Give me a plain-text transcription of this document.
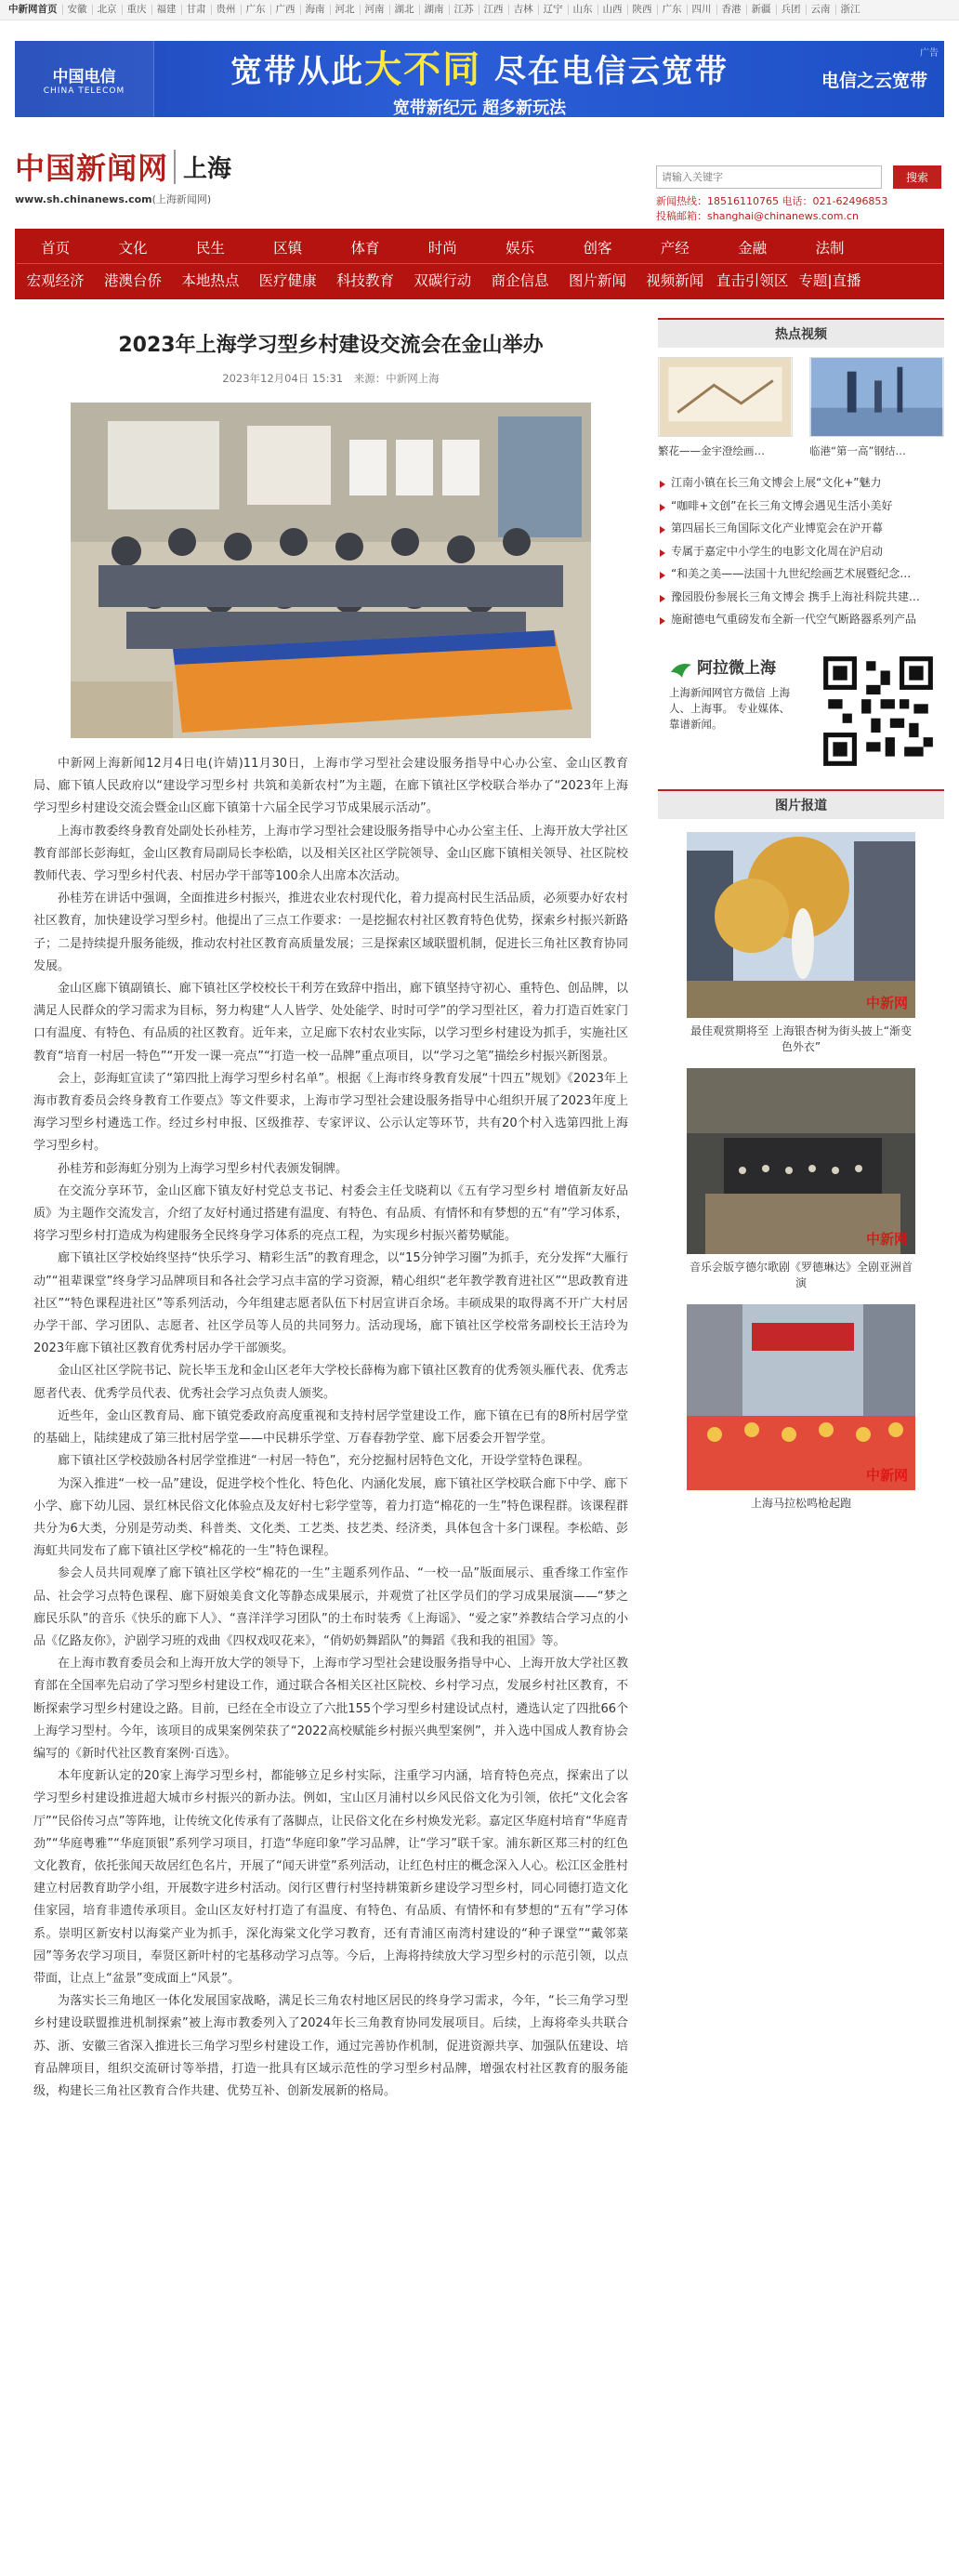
中新网首页	安徽	北京	重庆	福建	甘肃	贵州	广东	广西	海南	河北	河南	湖北	湖南	江苏	江西	吉林	辽宁	山东	山西	陕西	广东	四川	香港	新疆	兵团	云南	浙江
广告
中国电信
CHINA TELECOM
宽带从此大不同 尽在电信云宽带
宽带新纪元 超多新玩法
电信之云宽带
中国新闻网 上海
www.sh.chinanews.com(上海新闻网)
请输入关键字
搜索
新闻热线：18516110765 电话：021-62496853
投稿邮箱：shanghai@chinanews.com.cn
首页	文化	民生	区镇	体育	时尚	娱乐	创客	产经	金融	法制
宏观经济	港澳台侨	本地热点	医疗健康	科技教育	双碳行动	商企信息	图片新闻	视频新闻 直击引领区 专题|直播
2023年上海学习型乡村建设交流会在金山举办
2023年12月04日 15:31 来源：中新网上海

中新网上海新闻12月4日电(许婧)11月30日，上海市学习型社会建设服务指导中心办公室、金山区教育局、廊下镇人民政府以“建设学习型乡村 共筑和美新农村”为主题，在廊下镇社区学校联合举办了“2023年上海学习型乡村建设交流会暨金山区廊下镇第十六届全民学习节成果展示活动”。

上海市教委终身教育处副处长孙桂芳，上海市学习型社会建设服务指导中心办公室主任、上海开放大学社区教育部部长彭海虹，金山区教育局副局长李松皓，以及相关区社区学院领导、金山区廊下镇相关领导、社区院校教师代表、学习型乡村代表、村居办学干部等100余人出席本次活动。

孙桂芳在讲话中强调，全面推进乡村振兴，推进农业农村现代化，着力提高村民生活品质，必须要办好农村社区教育，加快建设学习型乡村。他提出了三点工作要求：一是挖掘农村社区教育特色优势，探索乡村振兴新路子；二是持续提升服务能级，推动农村社区教育高质量发展；三是探索区域联盟机制，促进长三角社区教育协同发展。

金山区廊下镇副镇长、廊下镇社区学校校长干利芳在致辞中指出，廊下镇坚持守初心、重特色、创品牌，以满足人民群众的学习需求为目标，努力构建“人人皆学、处处能学、时时可学”的学习型社区，着力打造百姓家门口有温度、有特色、有品质的社区教育。近年来，立足廊下农村农业实际，以学习型乡村建设为抓手，实施社区教育“培育一村居一特色”“开发一课一亮点”“打造一校一品牌”重点项目，以“学习之笔”描绘乡村振兴新图景。

会上，彭海虹宣读了“第四批上海学习型乡村名单”。根据《上海市终身教育发展“十四五”规划》《2023年上海市教育委员会终身教育工作要点》等文件要求，上海市学习型社会建设服务指导中心组织开展了2023年度上海学习型乡村遴选工作。经过乡村申报、区级推荐、专家评议、公示认定等环节，共有20个村入选第四批上海学习型乡村。

孙桂芳和彭海虹分别为上海学习型乡村代表颁发铜牌。

在交流分享环节，金山区廊下镇友好村党总支书记、村委会主任戈晓莉以《五有学习型乡村 增值新友好品质》为主题作交流发言，介绍了友好村通过搭建有温度、有特色、有品质、有情怀和有梦想的五“有”学习体系，将学习型乡村打造成为构建服务全民终身学习体系的亮点工程，为实现乡村振兴蓄势赋能。

廊下镇社区学校始终坚持“快乐学习、精彩生活”的教育理念，以“15分钟学习圈”为抓手，充分发挥“大雁行动”“祖辈课堂”终身学习品牌项目和各社会学习点丰富的学习资源，精心组织“老年教学教育进社区”“思政教育进社区”“特色课程进社区”等系列活动，今年组建志愿者队伍下村居宣讲百余场。丰硕成果的取得离不开广大村居办学干部、学习团队、志愿者、社区学员等人员的共同努力。活动现场，廊下镇社区学校常务副校长王洁玲为2023年廊下镇社区教育优秀村居办学干部颁奖。

金山区社区学院书记、院长毕玉龙和金山区老年大学校长薛梅为廊下镇社区教育的优秀领头雁代表、优秀志愿者代表、优秀学员代表、优秀社会学习点负责人颁奖。

近些年，金山区教育局、廊下镇党委政府高度重视和支持村居学堂建设工作，廊下镇在已有的8所村居学堂的基础上，陆续建成了第三批村居学堂——中民耕乐学堂、万春春勃学堂、廊下居委会开智学堂。

廊下镇社区学校鼓励各村居学堂推进“一村居一特色”，充分挖掘村居特色文化，开设学堂特色课程。

为深入推进“一校一品”建设，促进学校个性化、特色化、内涵化发展，廊下镇社区学校联合廊下中学、廊下小学、廊下幼儿园、景红林民俗文化体验点及友好村七彩学堂等，着力打造“棉花的一生”特色课程群。该课程群共分为6大类，分别是劳动类、科普类、文化类、工艺类、技艺类、经济类，具体包含十多门课程。李松皓、彭海虹共同发布了廊下镇社区学校“棉花的一生”特色课程。

参会人员共同观摩了廊下镇社区学校“棉花的一生”主题系列作品、“一校一品”版面展示、重香缘工作室作品、社会学习点特色课程、廊下厨娘美食文化等静态成果展示，并观赏了社区学员们的学习成果展演——“梦之廊民乐队”的音乐《快乐的廊下人》、“喜洋洋学习团队”的土布时装秀《上海谣》、“爱之家”养教结合学习点的小品《亿路友你》，沪剧学习班的戏曲《四权戏叹花来》，“俏奶奶舞蹈队”的舞蹈《我和我的祖国》等。

在上海市教育委员会和上海开放大学的领导下，上海市学习型社会建设服务指导中心、上海开放大学社区教育部在全国率先启动了学习型乡村建设工作，通过联合各相关区社区院校、乡村学习点，发展乡村社区教育，不断探索学习型乡村建设之路。目前，已经在全市设立了六批155个学习型乡村建设试点村，遴选认定了四批66个上海学习型村。今年，该项目的成果案例荣获了“2022高校赋能乡村振兴典型案例”，并入选中国成人教育协会编写的《新时代社区教育案例·百选》。

本年度新认定的20家上海学习型乡村，都能够立足乡村实际，注重学习内涵，培育特色亮点，探索出了以学习型乡村建设推进超大城市乡村振兴的新办法。例如，宝山区月浦村以乡风民俗文化为引领，依托“文化会客厅”“民俗传习点”等阵地，让传统文化传承有了落脚点，让民俗文化在乡村焕发光彩。嘉定区华庭村培育“华庭青劲”“华庭粤雅”“华庭顶银”系列学习项目，打造“华庭印象”学习品牌，让“学习”联千家。浦东新区郑三村的红色文化教育，依托张闻天故居红色名片，开展了“闻天讲堂”系列活动，让红色村庄的概念深入人心。松江区金胜村建立村居教育助学小组，开展数字进乡村活动。闵行区曹行村坚持耕策新乡建设学习型乡村，同心同德打造文化佳家园，培育非遗传承项目。金山区友好村打造了有温度、有特色、有品质、有情怀和有梦想的“五有”学习体系。崇明区新安村以海棠产业为抓手，深化海棠文化学习教育，还有青浦区南湾村建设的“种子课堂”“戴邻菜园”等务农学习项目，奉贤区新叶村的宅基移动学习点等。今后，上海将持续放大学习型乡村的示范引领，以点带面，让点上“盆景”变成面上“风景”。

为落实长三角地区一体化发展国家战略，满足长三角农村地区居民的终身学习需求，今年，“长三角学习型乡村建设联盟推进机制探索”被上海市教委列入了2024年长三角教育协同发展项目。后续，上海将牵头共联合苏、浙、安徽三省深入推进长三角学习型乡村建设工作，通过完善协作机制，促进资源共享、加强队伍建设、培育品牌项目，组织交流研讨等举措，打造一批具有区域示范性的学习型乡村品牌，增强农村社区教育的服务能级，构建长三角社区教育合作共建、优势互补、创新发展新的格局。

热点视频
繁花——金宇澄绘画…	临港“第一高”钢结…
江南小镇在长三角文博会上展“文化+”魅力
“咖啡+文创”在长三角文博会遇见生活小美好
第四届长三角国际文化产业博览会在沪开幕
专属于嘉定中小学生的电影文化周在沪启动
“和美之美——法国十九世纪绘画艺术展暨纪念…
豫园股份参展长三角文博会 携手上海社科院共建…
施耐德电气重磅发布全新一代空气断路器系列产品
阿拉微上海
上海新闻网官方微信 上海人、上海事。 专业媒体、靠谱新闻。
图片报道
中新网
最佳观赏期将至 上海银杏树为街头披上“渐变色外衣”
中新网
音乐会版亨德尔歌剧《罗德琳达》全剧亚洲首演
中新网
上海马拉松鸣枪起跑
